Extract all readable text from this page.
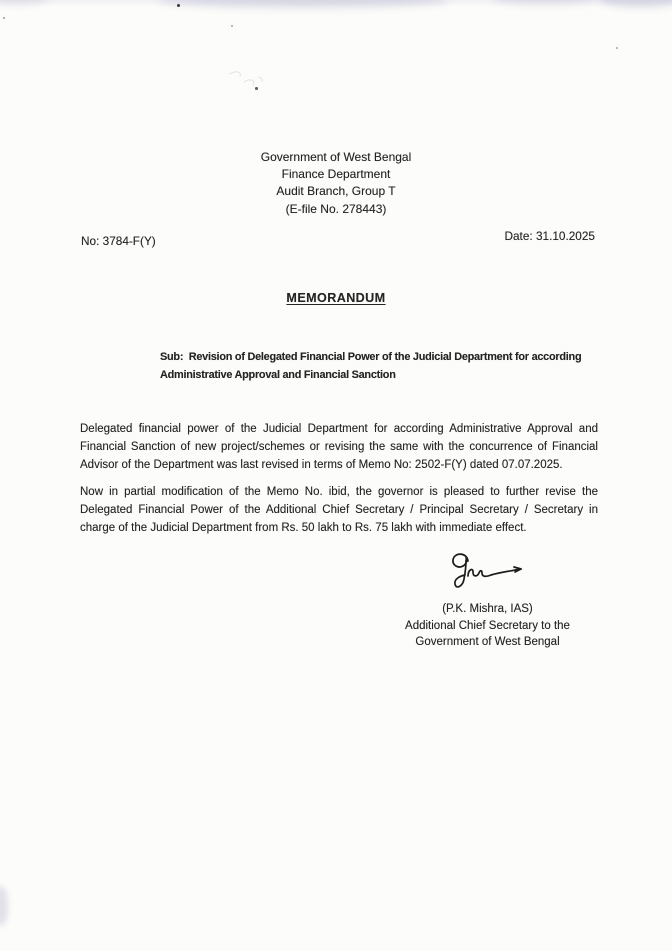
Government of West Bengal
Finance Department
Audit Branch, Group T
(E-file No. 278443)
No: 3784-F(Y)	Date: 31.10.2025
MEMORANDUM
Sub:  Revision of Delegated Financial Power of the Judicial Department for according
Administrative Approval and Financial Sanction

Delegated financial power of the Judicial Department for according Administrative Approval and Financial Sanction of new project/schemes or revising the same with the concurrence of Financial Advisor of the Department was last revised in terms of Memo No: 2502-F(Y) dated 07.07.2025.

Now in partial modification of the Memo No. ibid, the governor is pleased to further revise the Delegated Financial Power of the Additional Chief Secretary / Principal Secretary / Secretary in charge of the Judicial Department from Rs. 50 lakh to Rs. 75 lakh with immediate effect.

(P.K. Mishra, IAS)
Additional Chief Secretary to the
Government of West Bengal
